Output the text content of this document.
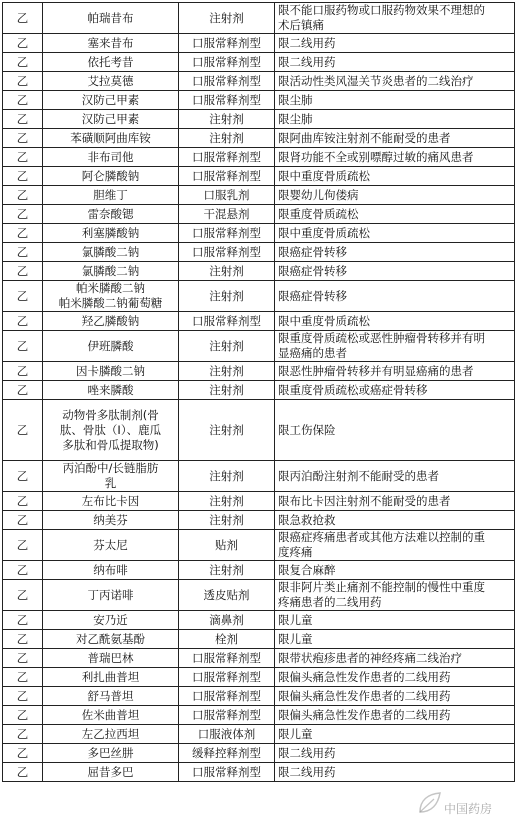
乙	帕瑞昔布	注射剂	限不能口服药物或口服药物效果不理想的
术后镇痛

乙	塞来昔布	口服常释剂型	限二线用药

乙	依托考昔	口服常释剂型	限二线用药

乙	艾拉莫德	口服常释剂型	限活动性类风湿关节炎患者的二线治疗

乙	汉防己甲素	口服常释剂型	限尘肺

乙	汉防己甲素	注射剂	限尘肺

乙	苯磺顺阿曲库铵	注射剂	限阿曲库铵注射剂不能耐受的患者

乙	非布司他	口服常释剂型	限肾功能不全或别嘌醇过敏的痛风患者

乙	阿仑膦酸钠	口服常释剂型	限中重度骨质疏松

乙	胆维丁	口服乳剂	限婴幼儿佝偻病

乙	雷奈酸锶	干混悬剂	限重度骨质疏松

乙	利塞膦酸钠	口服常释剂型	限中重度骨质疏松

乙	氯膦酸二钠	口服常释剂型	限癌症骨转移

乙	氯膦酸二钠	注射剂	限癌症骨转移

乙	帕米膦酸二钠
帕米膦酸二钠葡萄糖	注射剂	限癌症骨转移

乙	羟乙膦酸钠	口服常释剂型	限中重度骨质疏松

乙	伊班膦酸	注射剂	限重度骨质疏松或恶性肿瘤骨转移并有明
显癌痛的患者

乙	因卡膦酸二钠	注射剂	限恶性肿瘤骨转移并有明显癌痛的患者

乙	唑来膦酸	注射剂	限重度骨质疏松或癌症骨转移

乙	动物骨多肽制剂(骨
肽、骨肽（Ⅰ）、鹿瓜
多肽和骨瓜提取物)	注射剂	限工伤保险

乙	丙泊酚中/长链脂肪
乳	注射剂	限丙泊酚注射剂不能耐受的患者

乙	左布比卡因	注射剂	限布比卡因注射剂不能耐受的患者

乙	纳美芬	注射剂	限急救抢救

乙	芬太尼	贴剂	限癌症疼痛患者或其他方法难以控制的重
度疼痛

乙	纳布啡	注射剂	限复合麻醉

乙	丁丙诺啡	透皮贴剂	限非阿片类止痛剂不能控制的慢性中重度
疼痛患者的二线用药

乙	安乃近	滴鼻剂	限儿童

乙	对乙酰氨基酚	栓剂	限儿童

乙	普瑞巴林	口服常释剂型	限带状疱疹患者的神经疼痛二线治疗

乙	利扎曲普坦	口服常释剂型	限偏头痛急性发作患者的二线用药

乙	舒马普坦	口服常释剂型	限偏头痛急性发作患者的二线用药

乙	佐米曲普坦	口服常释剂型	限偏头痛急性发作患者的二线用药

乙	左乙拉西坦	口服液体剂	限儿童

乙	多巴丝肼	缓释控释剂型	限二线用药

乙	屈昔多巴	口服常释剂型	限二线用药
中国药房
